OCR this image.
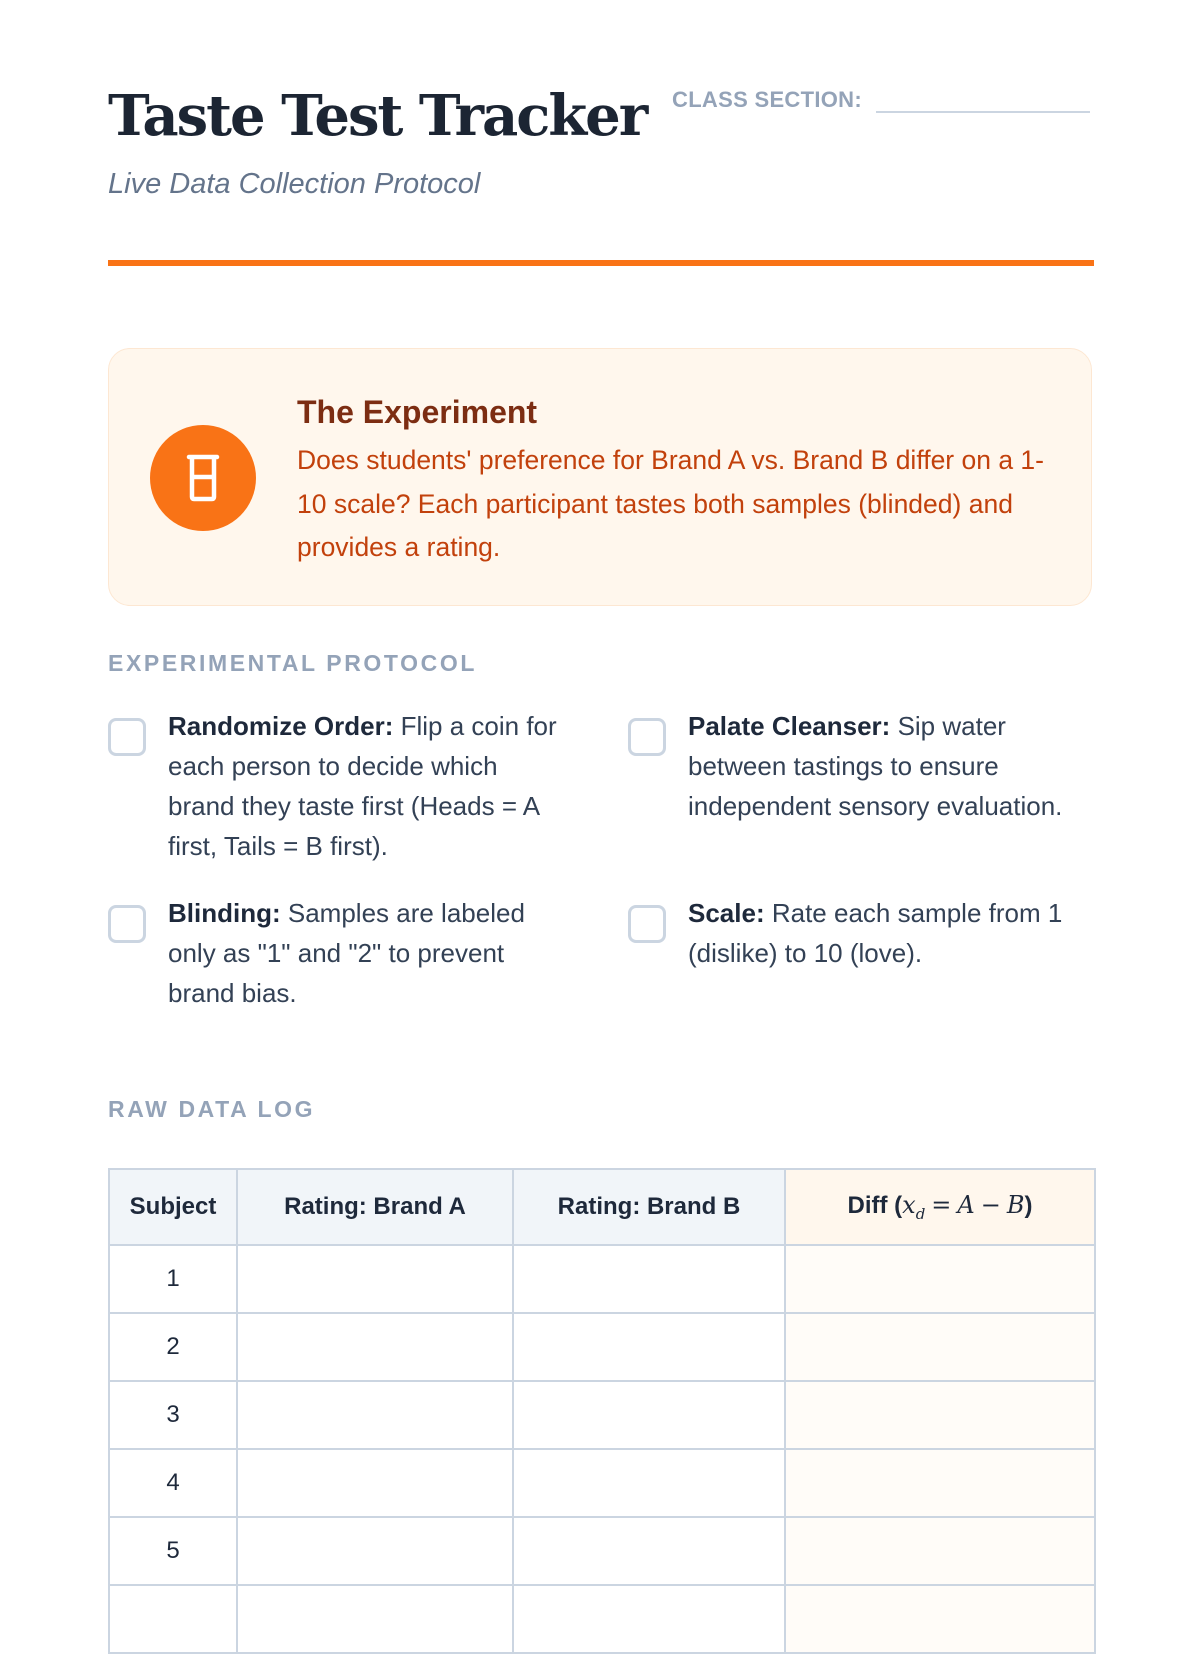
Taste Test Tracker
Live Data Collection Protocol
CLASS SECTION:
The Experiment

Does students' preference for Brand A vs. Brand B differ on a 1-10 scale? Each participant tastes both samples (blinded) and provides a rating.

EXPERIMENTAL PROTOCOL

Randomize Order: Flip a coin for each person to decide which brand they taste first (Heads = A first, Tails = B first).

Palate Cleanser: Sip water between tastings to ensure independent sensory evaluation.

Blinding: Samples are labeled only as "1" and "2" to prevent brand bias.

Scale: Rate each sample from 1 (dislike) to 10 (love).

RAW DATA LOG
Subject	Rating: Brand A	Rating: Brand B	Diff $(x_d = A - B)$
1			
2			
3			
4			
5			
